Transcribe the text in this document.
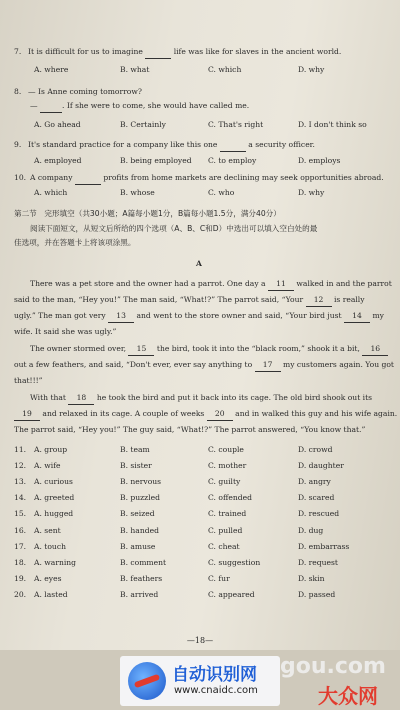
7. It is difficult for us to imagine	life was like for slaves in the ancient world.
A. where	B. what	C. which	D. why
8. — Is Anne coming tomorrow?
—	. If she were to come, she would have called me.
A. Go ahead	B. Certainly	C. That's right	D. I don't think so
9. It's standard practice for a company like this one	a security officer.
A. employed	B. being employed C. to employ	D. employs
10. A company	profits from home markets are declining may seek opportunities abroad.
A. which	B. whose	C. who	D. why
第二节　完形填空（共30小题；A篇每小题1分，B篇每小题1.5分，满分40分）
阅读下面短文，从短文后所给的四个选项（A、B、C和D）中选出可以填入空白处的最
佳选项，并在答题卡上将该项涂黑。
A
There was a pet store and the owner had a parrot. One day a 11 walked in and the parrot
said to the man, “Hey you!” The man said, “What!?” The parrot said, “Your 12 is really
ugly.” The man got very 13 and went to the store owner and said, “Your bird just 14 my
wife. It said she was ugly.”
The owner stormed over, 15 the bird, took it into the “black room,” shook it a bit, 16
out a few feathers, and said, “Don't ever, ever say anything to 17 my customers again. You got
that!!!”
With that 18 he took the bird and put it back into its cage. The old bird shook out its
19 and relaxed in its cage. A couple of weeks 20 and in walked this guy and his wife again.
The parrot said, “Hey you!” The guy said, “What!?” The parrot answered, “You know that.”
11. A. group	B. team	C. couple	D. crowd
12. A. wife	B. sister	C. mother	D. daughter
13. A. curious	B. nervous	C. guilty	D. angry
14. A. greeted	B. puzzled	C. offended	D. scared
15. A. hugged	B. seized	C. trained	D. rescued
16. A. sent	B. handed	C. pulled	D. dug
17. A. touch	B. amuse	C. cheat	D. embarrass
18. A. warning	B. comment	C. suggestion	D. request
19. A. eyes	B. feathers	C. fur	D. skin
20. A. lasted	B. arrived	C. appeared	D. passed
—18—
自动识别网
www.cnaidc.com
gou.com
大众网
